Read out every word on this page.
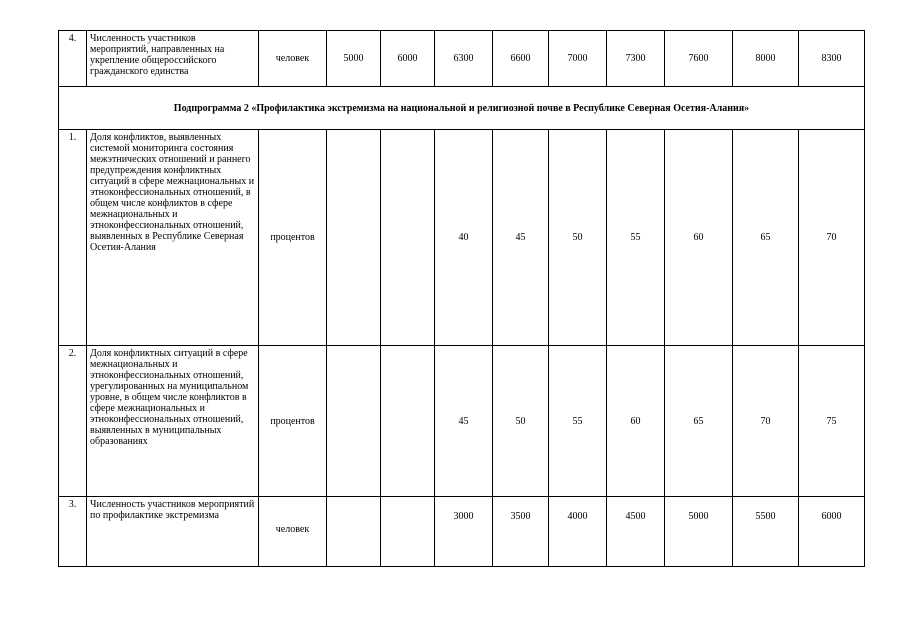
4.	Численность участников мероприятий, направленных на укрепление общероссийского гражданского единства	человек	5000	6000	6300	6600	7000	7300	7600	8000	8300
Подпрограмма 2 «Профилактика экстремизма на национальной и религиозной почве в Республике Северная Осетия-Алания»											
1.	Доля конфликтов, выявленных системой мониторинга состояния межэтнических отношений и раннего предупреждения конфликтных ситуаций в сфере межнациональных и этноконфессиональных отношений, в общем числе конфликтов в сфере межнациональных и этноконфессиональных отношений, выявленных в Республике Северная Осетия-Алания	процентов			40	45	50	55	60	65	70
2.	Доля конфликтных ситуаций в сфере межнациональных и этноконфессиональных отношений, урегулированных на муниципальном уровне, в общем числе конфликтов в сфере межнациональных и этноконфессиональных отношений, выявленных в муниципальных образованиях	процентов			45	50	55	60	65	70	75
3.	Численность участников мероприятий по профилактике экстремизма	человек			3000	3500	4000	4500	5000	5500	6000
